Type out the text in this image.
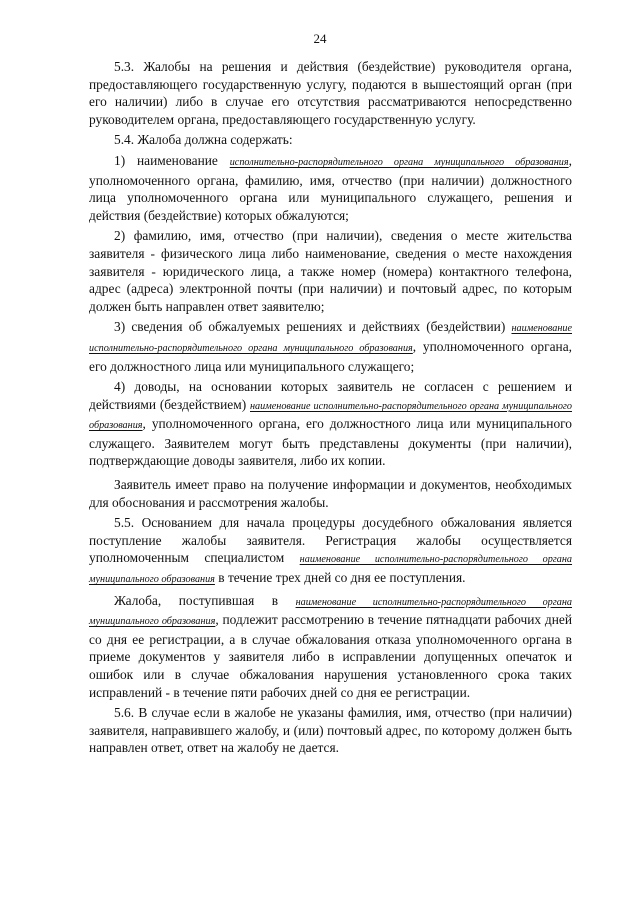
24

5.3. Жалобы на решения и действия (бездействие) руководителя органа, предоставляющего государственную услугу, подаются в вышестоящий орган (при его наличии) либо в случае его отсутствия рассматриваются непосредственно руководителем органа, предоставляющего государственную услугу.

5.4. Жалоба должна содержать:

1) наименование исполнительно-распорядительного органа муниципального образования, уполномоченного органа, фамилию, имя, отчество (при наличии) должностного лица уполномоченного органа или муниципального служащего, решения и действия (бездействие) которых обжалуются;

2) фамилию, имя, отчество (при наличии), сведения о месте жительства заявителя - физического лица либо наименование, сведения о месте нахождения заявителя - юридического лица, а также номер (номера) контактного телефона, адрес (адреса) электронной почты (при наличии) и почтовый адрес, по которым должен быть направлен ответ заявителю;

3) сведения об обжалуемых решениях и действиях (бездействии) наименование исполнительно-распорядительного органа муниципального образования, уполномоченного органа, его должностного лица или муниципального служащего;

4) доводы, на основании которых заявитель не согласен с решением и действиями (бездействием) наименование исполнительно-распорядительного органа муниципального образования, уполномоченного органа, его должностного лица или муниципального служащего. Заявителем могут быть представлены документы (при наличии), подтверждающие доводы заявителя, либо их копии.

Заявитель имеет право на получение информации и документов, необходимых для обоснования и рассмотрения жалобы.

5.5. Основанием для начала процедуры досудебного обжалования является поступление жалобы заявителя. Регистрация жалобы осуществляется уполномоченным специалистом наименование исполнительно-распорядительного органа муниципального образования в течение трех дней со дня ее поступления.

Жалоба, поступившая в наименование исполнительно-распорядительного органа муниципального образования, подлежит рассмотрению в течение пятнадцати рабочих дней со дня ее регистрации, а в случае обжалования отказа уполномоченного органа в приеме документов у заявителя либо в исправлении допущенных опечаток и ошибок или в случае обжалования нарушения установленного срока таких исправлений - в течение пяти рабочих дней со дня ее регистрации.

5.6. В случае если в жалобе не указаны фамилия, имя, отчество (при наличии) заявителя, направившего жалобу, и (или) почтовый адрес, по которому должен быть направлен ответ, ответ на жалобу не дается.
